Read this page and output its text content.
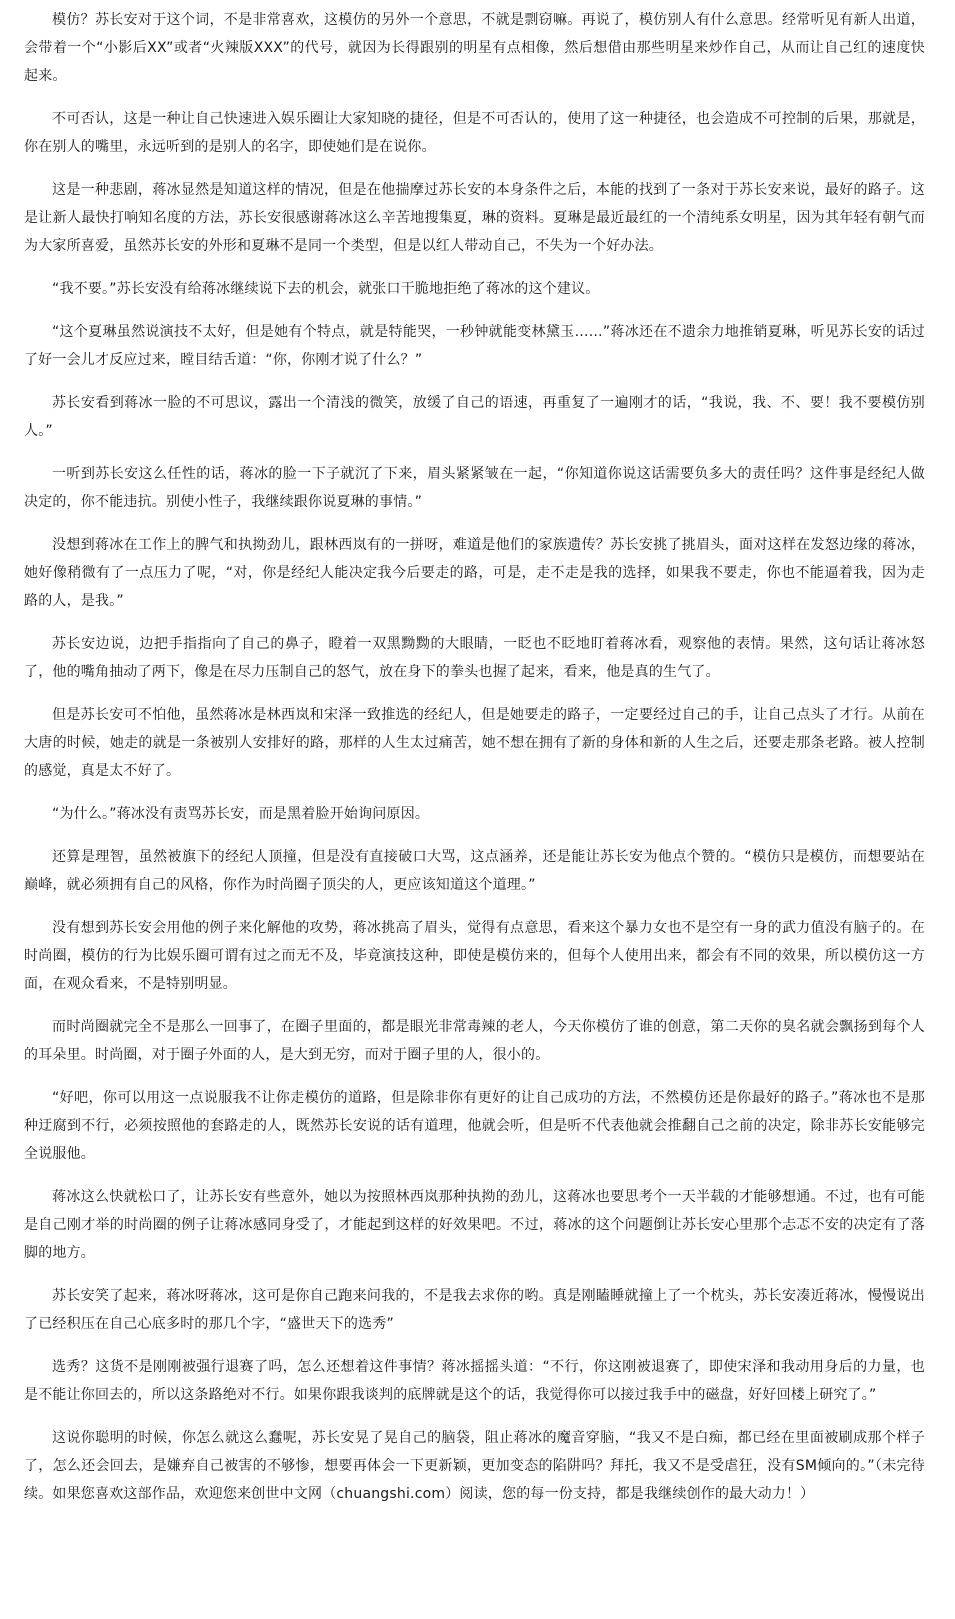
模仿？苏长安对于这个词，不是非常喜欢，这模仿的另外一个意思，不就是剽窃嘛。再说了，模仿别人有什么意思。经常听见有新人出道，会带着一个“小影后XX”或者“火辣版XXX”的代号，就因为长得跟别的明星有点相像，然后想借由那些明星来炒作自己，从而让自己红的速度快起来。

不可否认，这是一种让自己快速进入娱乐圈让大家知晓的捷径，但是不可否认的，使用了这一种捷径，也会造成不可控制的后果，那就是，你在别人的嘴里，永远听到的是别人的名字，即使她们是在说你。

这是一种悲剧，蒋冰显然是知道这样的情况，但是在他揣摩过苏长安的本身条件之后，本能的找到了一条对于苏长安来说，最好的路子。这是让新人最快打响知名度的方法，苏长安很感谢蒋冰这么辛苦地搜集夏，琳的资料。夏琳是最近最红的一个清纯系女明星，因为其年轻有朝气而为大家所喜爱，虽然苏长安的外形和夏琳不是同一个类型，但是以红人带动自己，不失为一个好办法。

“我不要。”苏长安没有给蒋冰继续说下去的机会，就张口干脆地拒绝了蒋冰的这个建议。

“这个夏琳虽然说演技不太好，但是她有个特点，就是特能哭，一秒钟就能变林黛玉……”蒋冰还在不遗余力地推销夏琳，听见苏长安的话过了好一会儿才反应过来，瞠目结舌道：“你，你刚才说了什么？”

苏长安看到蒋冰一脸的不可思议，露出一个清浅的微笑，放缓了自己的语速，再重复了一遍刚才的话，“我说，我、不、要！我不要模仿别人。”

一听到苏长安这么任性的话，蒋冰的脸一下子就沉了下来，眉头紧紧皱在一起，“你知道你说这话需要负多大的责任吗？这件事是经纪人做决定的，你不能违抗。别使小性子，我继续跟你说夏琳的事情。”

没想到蒋冰在工作上的脾气和执拗劲儿，跟林西岚有的一拼呀，难道是他们的家族遗传？苏长安挑了挑眉头，面对这样在发怒边缘的蒋冰，她好像稍微有了一点压力了呢，“对，你是经纪人能决定我今后要走的路，可是，走不走是我的选择，如果我不要走，你也不能逼着我，因为走路的人，是我。”

苏长安边说，边把手指指向了自己的鼻子，瞪着一双黑黝黝的大眼睛，一眨也不眨地盯着蒋冰看，观察他的表情。果然，这句话让蒋冰怒了，他的嘴角抽动了两下，像是在尽力压制自己的怒气，放在身下的拳头也握了起来，看来，他是真的生气了。

但是苏长安可不怕他，虽然蒋冰是林西岚和宋泽一致推选的经纪人，但是她要走的路子，一定要经过自己的手，让自己点头了才行。从前在大唐的时候，她走的就是一条被别人安排好的路，那样的人生太过痛苦，她不想在拥有了新的身体和新的人生之后，还要走那条老路。被人控制的感觉，真是太不好了。

“为什么。”蒋冰没有责骂苏长安，而是黑着脸开始询问原因。

还算是理智，虽然被旗下的经纪人顶撞，但是没有直接破口大骂，这点涵养，还是能让苏长安为他点个赞的。“模仿只是模仿，而想要站在巅峰，就必须拥有自己的风格，你作为时尚圈子顶尖的人，更应该知道这个道理。”

没有想到苏长安会用他的例子来化解他的攻势，蒋冰挑高了眉头，觉得有点意思，看来这个暴力女也不是空有一身的武力值没有脑子的。在时尚圈，模仿的行为比娱乐圈可谓有过之而无不及，毕竟演技这种，即使是模仿来的，但每个人使用出来，都会有不同的效果，所以模仿这一方面，在观众看来，不是特别明显。

而时尚圈就完全不是那么一回事了，在圈子里面的，都是眼光非常毒辣的老人，今天你模仿了谁的创意，第二天你的臭名就会飘扬到每个人的耳朵里。时尚圈，对于圈子外面的人，是大到无穷，而对于圈子里的人，很小的。

“好吧，你可以用这一点说服我不让你走模仿的道路，但是除非你有更好的让自己成功的方法，不然模仿还是你最好的路子。”蒋冰也不是那种迂腐到不行，必须按照他的套路走的人，既然苏长安说的话有道理，他就会听，但是听不代表他就会推翻自己之前的决定，除非苏长安能够完全说服他。

蒋冰这么快就松口了，让苏长安有些意外，她以为按照林西岚那种执拗的劲儿，这蒋冰也要思考个一天半载的才能够想通。不过，也有可能是自己刚才举的时尚圈的例子让蒋冰感同身受了，才能起到这样的好效果吧。不过，蒋冰的这个问题倒让苏长安心里那个忐忑不安的决定有了落脚的地方。

苏长安笑了起来，蒋冰呀蒋冰，这可是你自己跑来问我的，不是我去求你的哟。真是刚瞌睡就撞上了一个枕头，苏长安凑近蒋冰，慢慢说出了已经积压在自己心底多时的那几个字，“盛世天下的选秀”

选秀？这货不是刚刚被强行退赛了吗，怎么还想着这件事情？蒋冰摇摇头道：“不行，你这刚被退赛了，即使宋泽和我动用身后的力量，也是不能让你回去的，所以这条路绝对不行。如果你跟我谈判的底牌就是这个的话，我觉得你可以接过我手中的磁盘，好好回楼上研究了。”

这说你聪明的时候，你怎么就这么蠢呢，苏长安晃了晃自己的脑袋，阻止蒋冰的魔音穿脑，“我又不是白痴，都已经在里面被刷成那个样子了，怎么还会回去，是嫌弃自己被害的不够惨，想要再体会一下更新颖，更加变态的陷阱吗？拜托，我又不是受虐狂，没有SM倾向的。”（未完待续。如果您喜欢这部作品，欢迎您来创世中文网（chuangshi.com）阅读，您的每一份支持，都是我继续创作的最大动力！）
